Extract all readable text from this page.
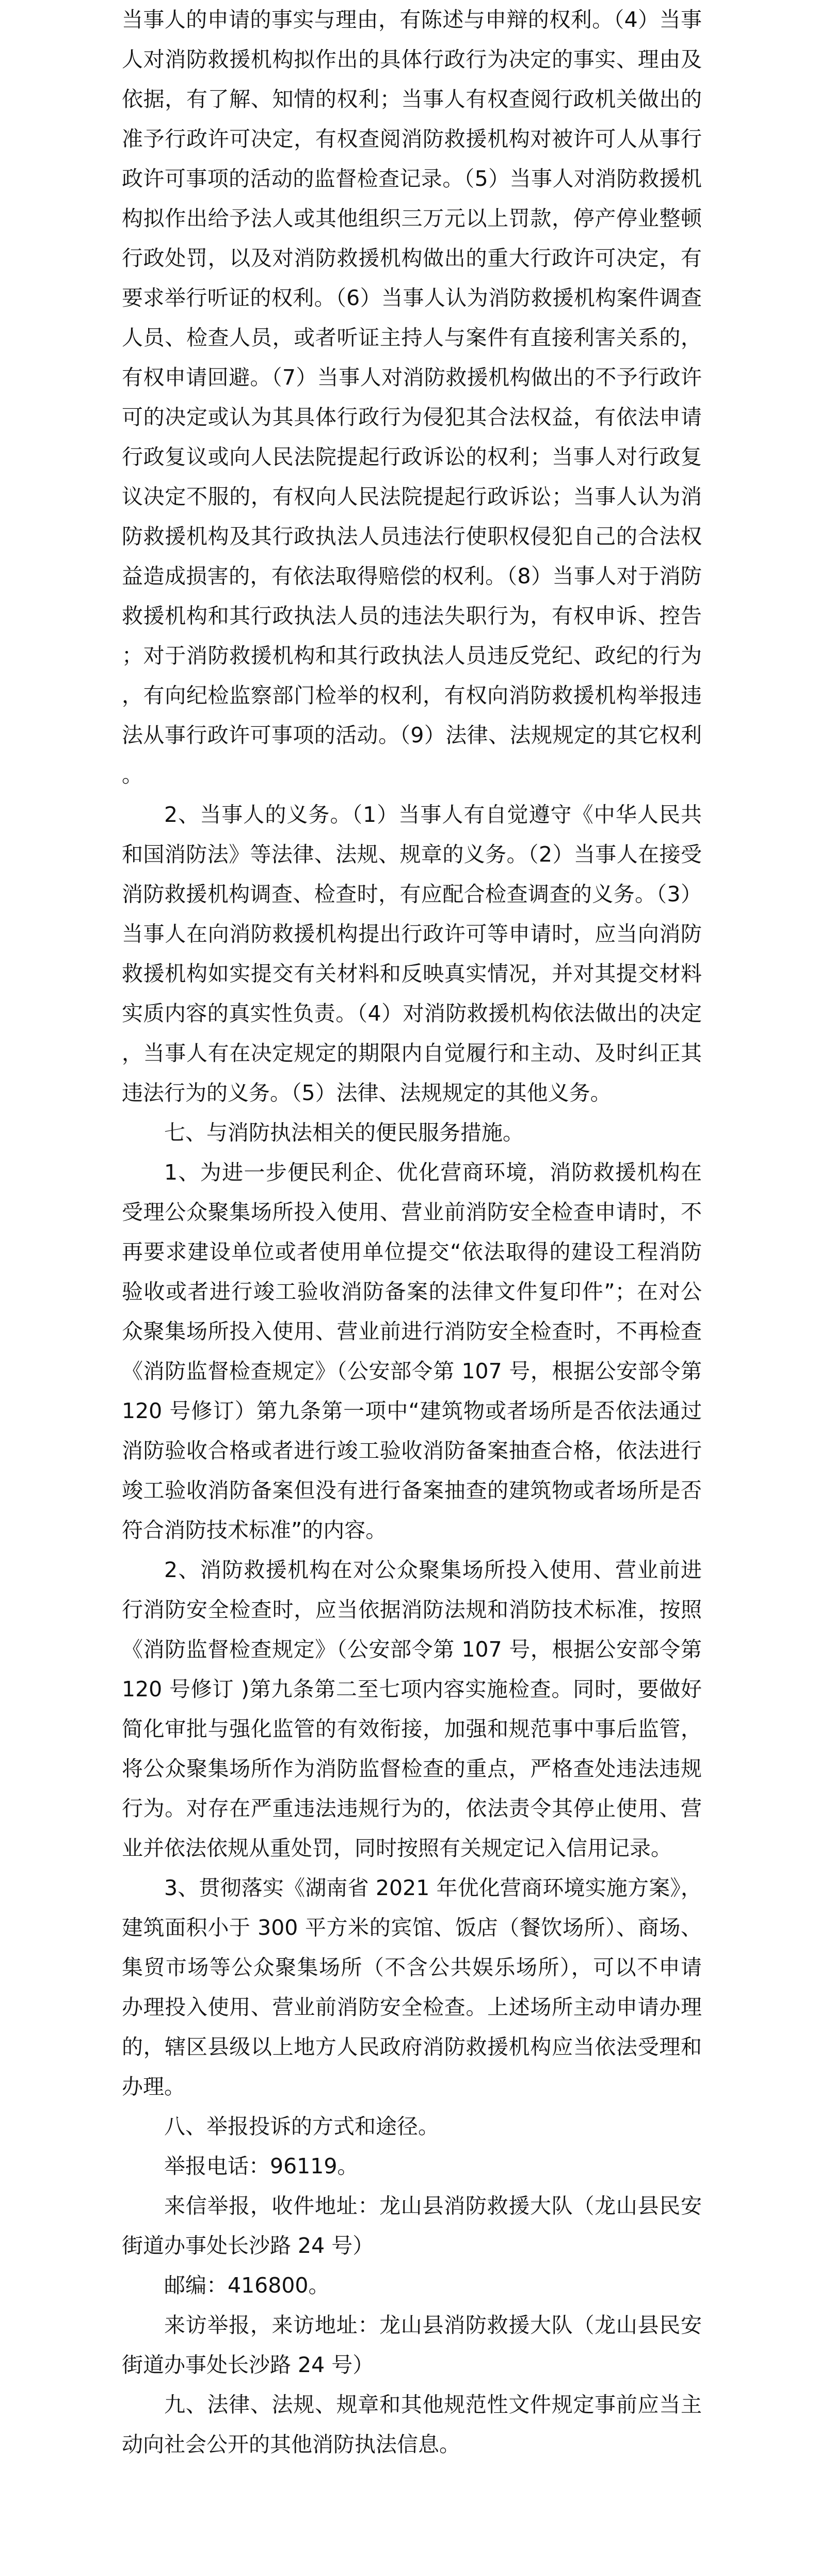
当事人的申请的事实与理由，有陈述与申辩的权利。（4）当事人对消防救援机构拟作出的具体行政行为决定的事实、理由及依据，有了解、知情的权利；当事人有权查阅行政机关做出的准予行政许可决定，有权查阅消防救援机构对被许可人从事行政许可事项的活动的监督检查记录。（5）当事人对消防救援机构拟作出给予法人或其他组织三万元以上罚款，停产停业整顿行政处罚，以及对消防救援机构做出的重大行政许可决定，有要求举行听证的权利。（6）当事人认为消防救援机构案件调查人员、检查人员，或者听证主持人与案件有直接利害关系的，有权申请回避。（7）当事人对消防救援机构做出的不予行政许可的决定或认为其具体行政行为侵犯其合法权益，有依法申请行政复议或向人民法院提起行政诉讼的权利；当事人对行政复议决定不服的，有权向人民法院提起行政诉讼；当事人认为消防救援机构及其行政执法人员违法行使职权侵犯自己的合法权益造成损害的，有依法取得赔偿的权利。（8）当事人对于消防救援机构和其行政执法人员的违法失职行为，有权申诉、控告；对于消防救援机构和其行政执法人员违反党纪、政纪的行为，有向纪检监察部门检举的权利，有权向消防救援机构举报违法从事行政许可事项的活动。（9）法律、法规规定的其它权利。

2、当事人的义务。（1）当事人有自觉遵守《中华人民共和国消防法》等法律、法规、规章的义务。（2）当事人在接受消防救援机构调查、检查时，有应配合检查调查的义务。（3）当事人在向消防救援机构提出行政许可等申请时，应当向消防救援机构如实提交有关材料和反映真实情况，并对其提交材料实质内容的真实性负责。（4）对消防救援机构依法做出的决定，当事人有在决定规定的期限内自觉履行和主动、及时纠正其违法行为的义务。（5）法律、法规规定的其他义务。

七、与消防执法相关的便民服务措施。

1、为进一步便民利企、优化营商环境，消防救援机构在受理公众聚集场所投入使用、营业前消防安全检查申请时，不再要求建设单位或者使用单位提交“依法取得的建设工程消防验收或者进行竣工验收消防备案的法律文件复印件”；在对公众聚集场所投入使用、营业前进行消防安全检查时，不再检查《消防监督检查规定》（公安部令第 107 号，根据公安部令第 120 号修订）第九条第一项中“建筑物或者场所是否依法通过消防验收合格或者进行竣工验收消防备案抽查合格，依法进行竣工验收消防备案但没有进行备案抽查的建筑物或者场所是否符合消防技术标准”的内容。

2、消防救援机构在对公众聚集场所投入使用、营业前进行消防安全检查时，应当依据消防法规和消防技术标准，按照《消防监督检查规定》（公安部令第 107 号，根据公安部令第 120 号修订 )第九条第二至七项内容实施检查。同时，要做好简化审批与强化监管的有效衔接，加强和规范事中事后监管，将公众聚集场所作为消防监督检查的重点，严格查处违法违规行为。对存在严重违法违规行为的，依法责令其停止使用、营业并依法依规从重处罚，同时按照有关规定记入信用记录。

3、贯彻落实《湖南省 2021 年优化营商环境实施方案》，建筑面积小于 300 平方米的宾馆、饭店（餐饮场所）、商场、集贸市场等公众聚集场所（不含公共娱乐场所），可以不申请办理投入使用、营业前消防安全检查。上述场所主动申请办理的，辖区县级以上地方人民政府消防救援机构应当依法受理和办理。

八、举报投诉的方式和途径。

举报电话：96119。

来信举报，收件地址：龙山县消防救援大队（龙山县民安街道办事处长沙路 24 号）

邮编：416800。

来访举报，来访地址：龙山县消防救援大队（龙山县民安街道办事处长沙路 24 号）

九、法律、法规、规章和其他规范性文件规定事前应当主动向社会公开的其他消防执法信息。
